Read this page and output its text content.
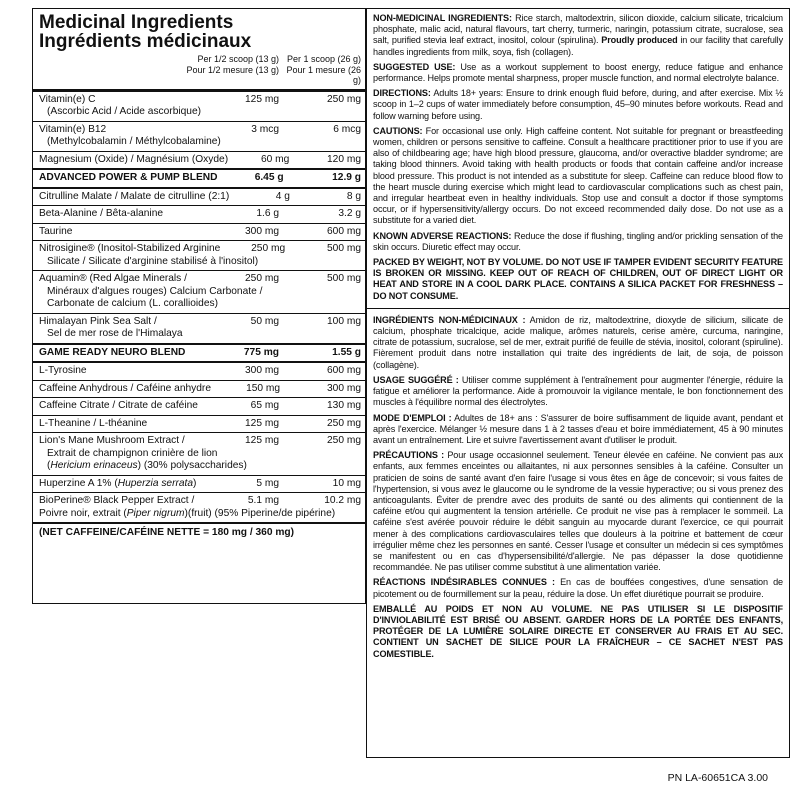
Medicinal Ingredients
Ingrédients médicinaux
Per 1/2 scoop (13 g)
Pour 1/2 mesure (13 g)
Per 1 scoop (26 g)
Pour 1 mesure (26 g)
Vitamin(e) C	125 mg	250 mg
(Ascorbic Acid / Acide ascorbique)
Vitamin(e) B12	3 mcg	6 mcg
(Methylcobalamin / Méthylcobalamine)
Magnesium (Oxide) / Magnésium (Oxyde)	60 mg	120 mg
ADVANCED POWER & PUMP BLEND	6.45 g	12.9 g
Citrulline Malate / Malate de citrulline (2:1)	4 g	8 g
Beta-Alanine / Bêta-alanine	1.6 g	3.2 g
Taurine	300 mg	600 mg
Nitrosigine® (Inositol-Stabilized Arginine	250 mg	500 mg
Silicate / Silicate d'arginine stabilisé à l'inositol)
Aquamin® (Red Algae Minerals /	250 mg	500 mg
Minéraux d'algues rouges) Calcium Carbonate /
Carbonate de calcium (L. corallioides)
Himalayan Pink Sea Salt /	50 mg	100 mg
Sel de mer rose de l'Himalaya
GAME READY NEURO BLEND	775 mg	1.55 g
L-Tyrosine	300 mg	600 mg
Caffeine Anhydrous / Caféine anhydre	150 mg	300 mg
Caffeine Citrate / Citrate de caféine	65 mg	130 mg
L-Theanine / L-théanine	125 mg	250 mg
Lion's Mane Mushroom Extract /	125 mg	250 mg
Extrait de champignon crinière de lion
(Hericium erinaceus) (30% polysaccharides)
Huperzine A 1% (Huperzia serrata)	5 mg	10 mg
BioPerine® Black Pepper Extract /	5.1 mg	10.2 mg
Poivre noir, extrait (Piper nigrum)(fruit) (95% Piperine/de pipérine)
(NET CAFFEINE/CAFÉINE NETTE = 180 mg / 360 mg)

NON-MEDICINAL INGREDIENTS: Rice starch, maltodextrin, silicon dioxide, calcium silicate, tricalcium phosphate, malic acid, natural flavours, tart cherry, turmeric, naringin, potassium citrate, sucralose, sea salt, purified stevia leaf extract, inositol, colour (spirulina). Proudly produced in our facility that carefully handles ingredients from milk, soya, fish (collagen).

SUGGESTED USE: Use as a workout supplement to boost energy, reduce fatigue and enhance performance. Helps promote mental sharpness, proper muscle function, and normal electrolyte balance.

DIRECTIONS: Adults 18+ years: Ensure to drink enough fluid before, during, and after exercise. Mix ½ scoop in 1–2 cups of water immediately before consumption, 45–90 minutes before workouts. Read and follow warning before using.

CAUTIONS: For occasional use only. High caffeine content. Not suitable for pregnant or breastfeeding women, children or persons sensitive to caffeine. Consult a healthcare practitioner prior to use if you are also of childbearing age; have high blood pressure, glaucoma, and/or overactive bladder syndrome; are taking blood thinners. Avoid taking with health products or foods that contain caffeine and/or increase blood pressure. This product is not intended as a substitute for sleep. Caffeine can reduce blood flow to the heart muscle during exercise which might lead to cardiovascular complications such as chest pain, and irregular heartbeat even in healthy individuals. Stop use and consult a doctor if those symptoms occur, or if hypersensitivity/allergy occurs. Do not exceed recommended daily dose. Do not use as a substitute for a varied diet.

KNOWN ADVERSE REACTIONS: Reduce the dose if flushing, tingling and/or prickling sensation of the skin occurs. Diuretic effect may occur.

PACKED BY WEIGHT, NOT BY VOLUME. DO NOT USE IF TAMPER EVIDENT SECURITY FEATURE IS BROKEN OR MISSING. KEEP OUT OF REACH OF CHILDREN, OUT OF DIRECT LIGHT OR HEAT AND STORE IN A COOL DARK PLACE. CONTAINS A SILICA PACKET FOR FRESHNESS – DO NOT CONSUME.

INGRÉDIENTS NON-MÉDICINAUX : Amidon de riz, maltodextrine, dioxyde de silicium, silicate de calcium, phosphate tricalcique, acide malique, arômes naturels, cerise amère, curcuma, naringine, citrate de potassium, sucralose, sel de mer, extrait purifié de feuille de stévia, inositol, colorant (spiruline). Fièrement produit dans notre installation qui traite des ingrédients de lait, de soja, de poisson (collagène).

USAGE SUGGÉRÉ : Utiliser comme supplément à l'entraînement pour augmenter l'énergie, réduire la fatigue et améliorer la performance. Aide à promouvoir la vigilance mentale, le bon fonctionnement des muscles à l'équilibre normal des électrolytes.

MODE D'EMPLOI : Adultes de 18+ ans : S'assurer de boire suffisamment de liquide avant, pendant et après l'exercice. Mélanger ½ mesure dans 1 à 2 tasses d'eau et boire immédiatement, 45 à 90 minutes avant un entraînement. Lire et suivre l'avertissement avant d'utiliser le produit.

PRÉCAUTIONS : Pour usage occasionnel seulement. Teneur élevée en caféine. Ne convient pas aux enfants, aux femmes enceintes ou allaitantes, ni aux personnes sensibles à la caféine. Consulter un praticien de soins de santé avant d'en faire l'usage si vous êtes en âge de concevoir; si vous faites de l'hypertension, si vous avez le glaucome ou le syndrome de la vessie hyperactive; ou si vous prenez des anticoagulants. Éviter de prendre avec des produits de santé ou des aliments qui contiennent de la caféine et/ou qui augmentent la tension artérielle. Ce produit ne vise pas à remplacer le sommeil. La caféine s'est avérée pouvoir réduire le débit sanguin au myocarde durant l'exercice, ce qui pourrait mener à des complications cardiovasculaires telles que douleurs à la poitrine et battement de cœur irrégulier même chez les personnes en santé. Cesser l'usage et consulter un médecin si ces symptômes se manifestent ou en cas d'hypersensibilité/d'allergie. Ne pas dépasser la dose quotidienne recommandée. Ne pas utiliser comme substitut à une alimentation variée.

RÉACTIONS INDÉSIRABLES CONNUES : En cas de bouffées congestives, d'une sensation de picotement ou de fourmillement sur la peau, réduire la dose. Un effet diurétique pourrait se produire.

EMBALLÉ AU POIDS ET NON AU VOLUME. NE PAS UTILISER SI LE DISPOSITIF D'INVIOLABILITÉ EST BRISÉ OU ABSENT. GARDER HORS DE LA PORTÉE DES ENFANTS, PROTÉGER DE LA LUMIÈRE SOLAIRE DIRECTE ET CONSERVER AU FRAIS ET AU SEC. CONTIENT UN SACHET DE SILICE POUR LA FRAÎCHEUR – CE SACHET N'EST PAS COMESTIBLE.

PN LA-60651CA 3.00
